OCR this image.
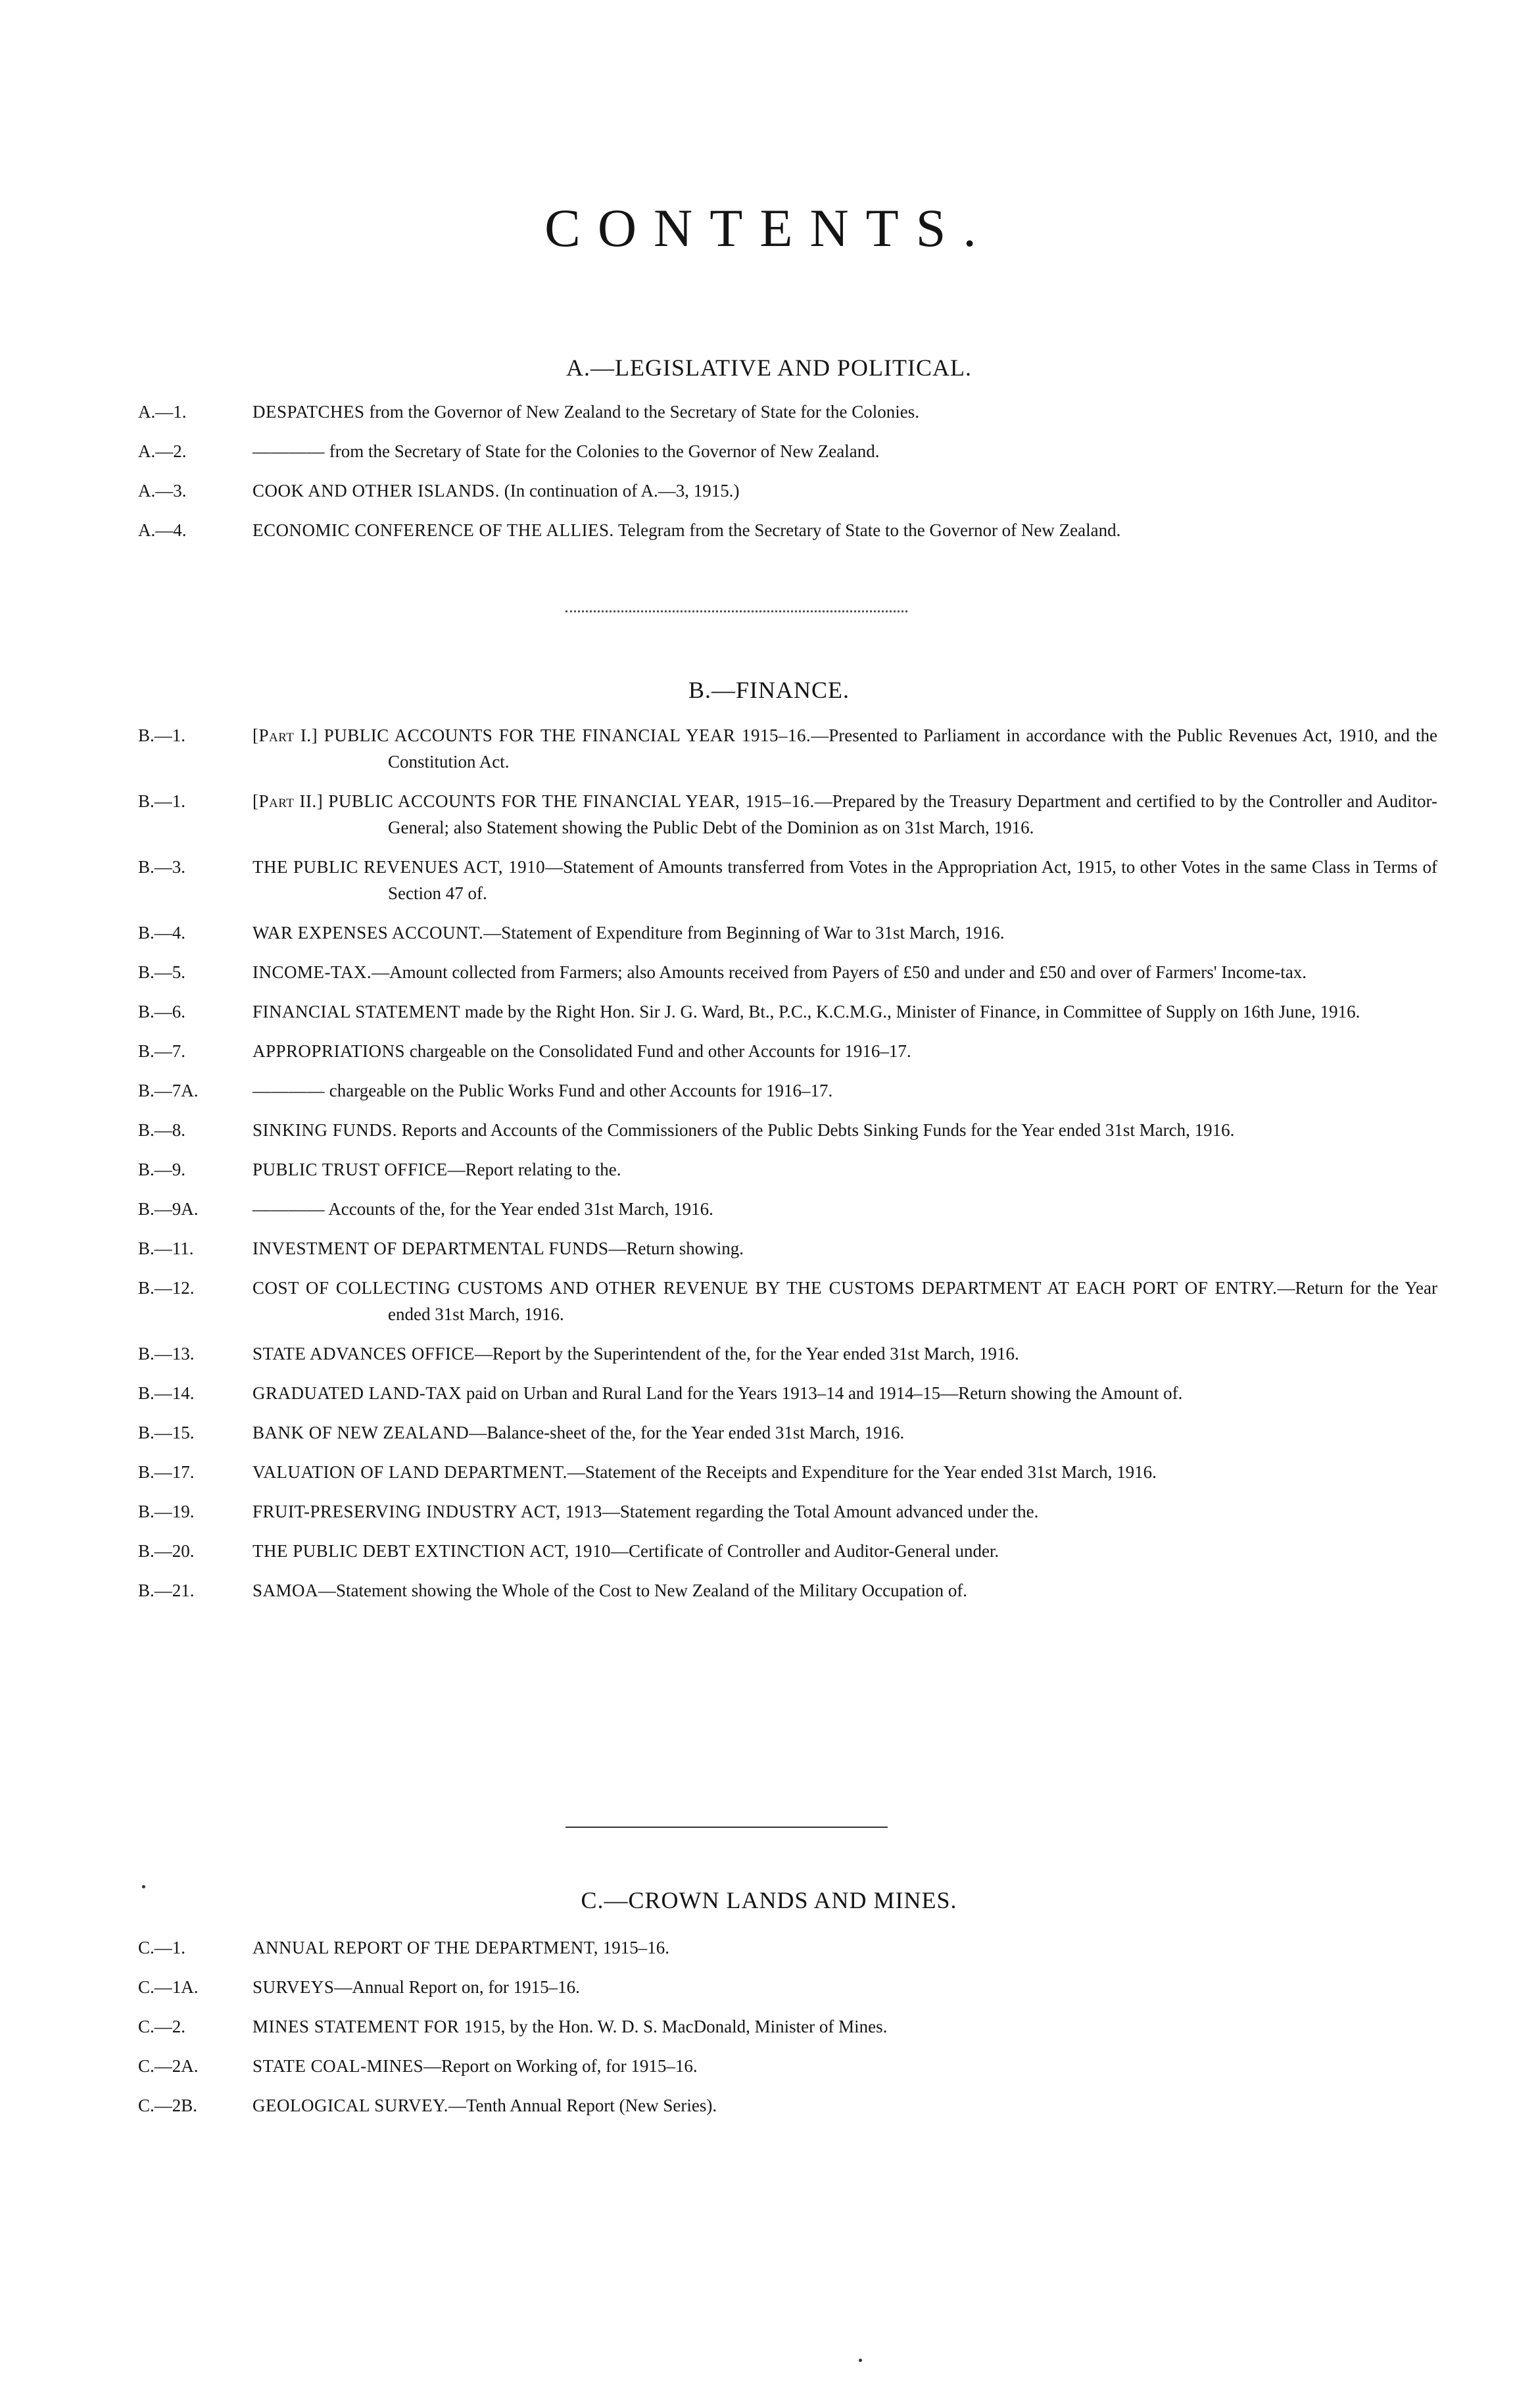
CONTENTS.
A.—LEGISLATIVE AND POLITICAL.
A.—1.	DESPATCHES from the Governor of New Zealand to the Secretary of State for the Colonies.
A.—2.	———— from the Secretary of State for the Colonies to the Governor of New Zealand.
A.—3.	COOK AND OTHER ISLANDS. (In continuation of A.—3, 1915.)
A.—4.	ECONOMIC CONFERENCE OF THE ALLIES. Telegram from the Secretary of State to the Governor of New Zealand.
B.—FINANCE.
B.—1.	[Part I.] PUBLIC ACCOUNTS FOR THE FINANCIAL YEAR 1915–16.—Presented to Parliament in accordance with the Public Revenues Act, 1910, and the Constitution Act.
B.—1.	[Part II.] PUBLIC ACCOUNTS FOR THE FINANCIAL YEAR, 1915–16.—Prepared by the Treasury Department and certified to by the Controller and Auditor-General; also Statement showing the Public Debt of the Dominion as on 31st March, 1916.
B.—3.	THE PUBLIC REVENUES ACT, 1910—Statement of Amounts transferred from Votes in the Appropriation Act, 1915, to other Votes in the same Class in Terms of Section 47 of.
B.—4.	WAR EXPENSES ACCOUNT.—Statement of Expenditure from Beginning of War to 31st March, 1916.
B.—5.	INCOME-TAX.—Amount collected from Farmers; also Amounts received from Payers of £50 and under and £50 and over of Farmers' Income-tax.
B.—6.	FINANCIAL STATEMENT made by the Right Hon. Sir J. G. Ward, Bt., P.C., K.C.M.G., Minister of Finance, in Committee of Supply on 16th June, 1916.
B.—7.	APPROPRIATIONS chargeable on the Consolidated Fund and other Accounts for 1916–17.
B.—7A.	———— chargeable on the Public Works Fund and other Accounts for 1916–17.
B.—8.	SINKING FUNDS. Reports and Accounts of the Commissioners of the Public Debts Sinking Funds for the Year ended 31st March, 1916.
B.—9.	PUBLIC TRUST OFFICE—Report relating to the.
B.—9A.	———— Accounts of the, for the Year ended 31st March, 1916.
B.—11.	INVESTMENT OF DEPARTMENTAL FUNDS—Return showing.
B.—12.	COST OF COLLECTING CUSTOMS AND OTHER REVENUE BY THE CUSTOMS DEPARTMENT AT EACH PORT OF ENTRY.—Return for the Year ended 31st March, 1916.
B.—13.	STATE ADVANCES OFFICE—Report by the Superintendent of the, for the Year ended 31st March, 1916.
B.—14.	GRADUATED LAND-TAX paid on Urban and Rural Land for the Years 1913–14 and 1914–15—Return showing the Amount of.
B.—15.	BANK OF NEW ZEALAND—Balance-sheet of the, for the Year ended 31st March, 1916.
B.—17.	VALUATION OF LAND DEPARTMENT.—Statement of the Receipts and Expenditure for the Year ended 31st March, 1916.
B.—19.	FRUIT-PRESERVING INDUSTRY ACT, 1913—Statement regarding the Total Amount advanced under the.
B.—20.	THE PUBLIC DEBT EXTINCTION ACT, 1910—Certificate of Controller and Auditor-General under.
B.—21.	SAMOA—Statement showing the Whole of the Cost to New Zealand of the Military Occupation of.
C.—CROWN LANDS AND MINES.
C.—1.	ANNUAL REPORT OF THE DEPARTMENT, 1915–16.
C.—1A.	SURVEYS—Annual Report on, for 1915–16.
C.—2.	MINES STATEMENT FOR 1915, by the Hon. W. D. S. MacDonald, Minister of Mines.
C.—2A.	STATE COAL-MINES—Report on Working of, for 1915–16.
C.—2B.	GEOLOGICAL SURVEY.—Tenth Annual Report (New Series).
